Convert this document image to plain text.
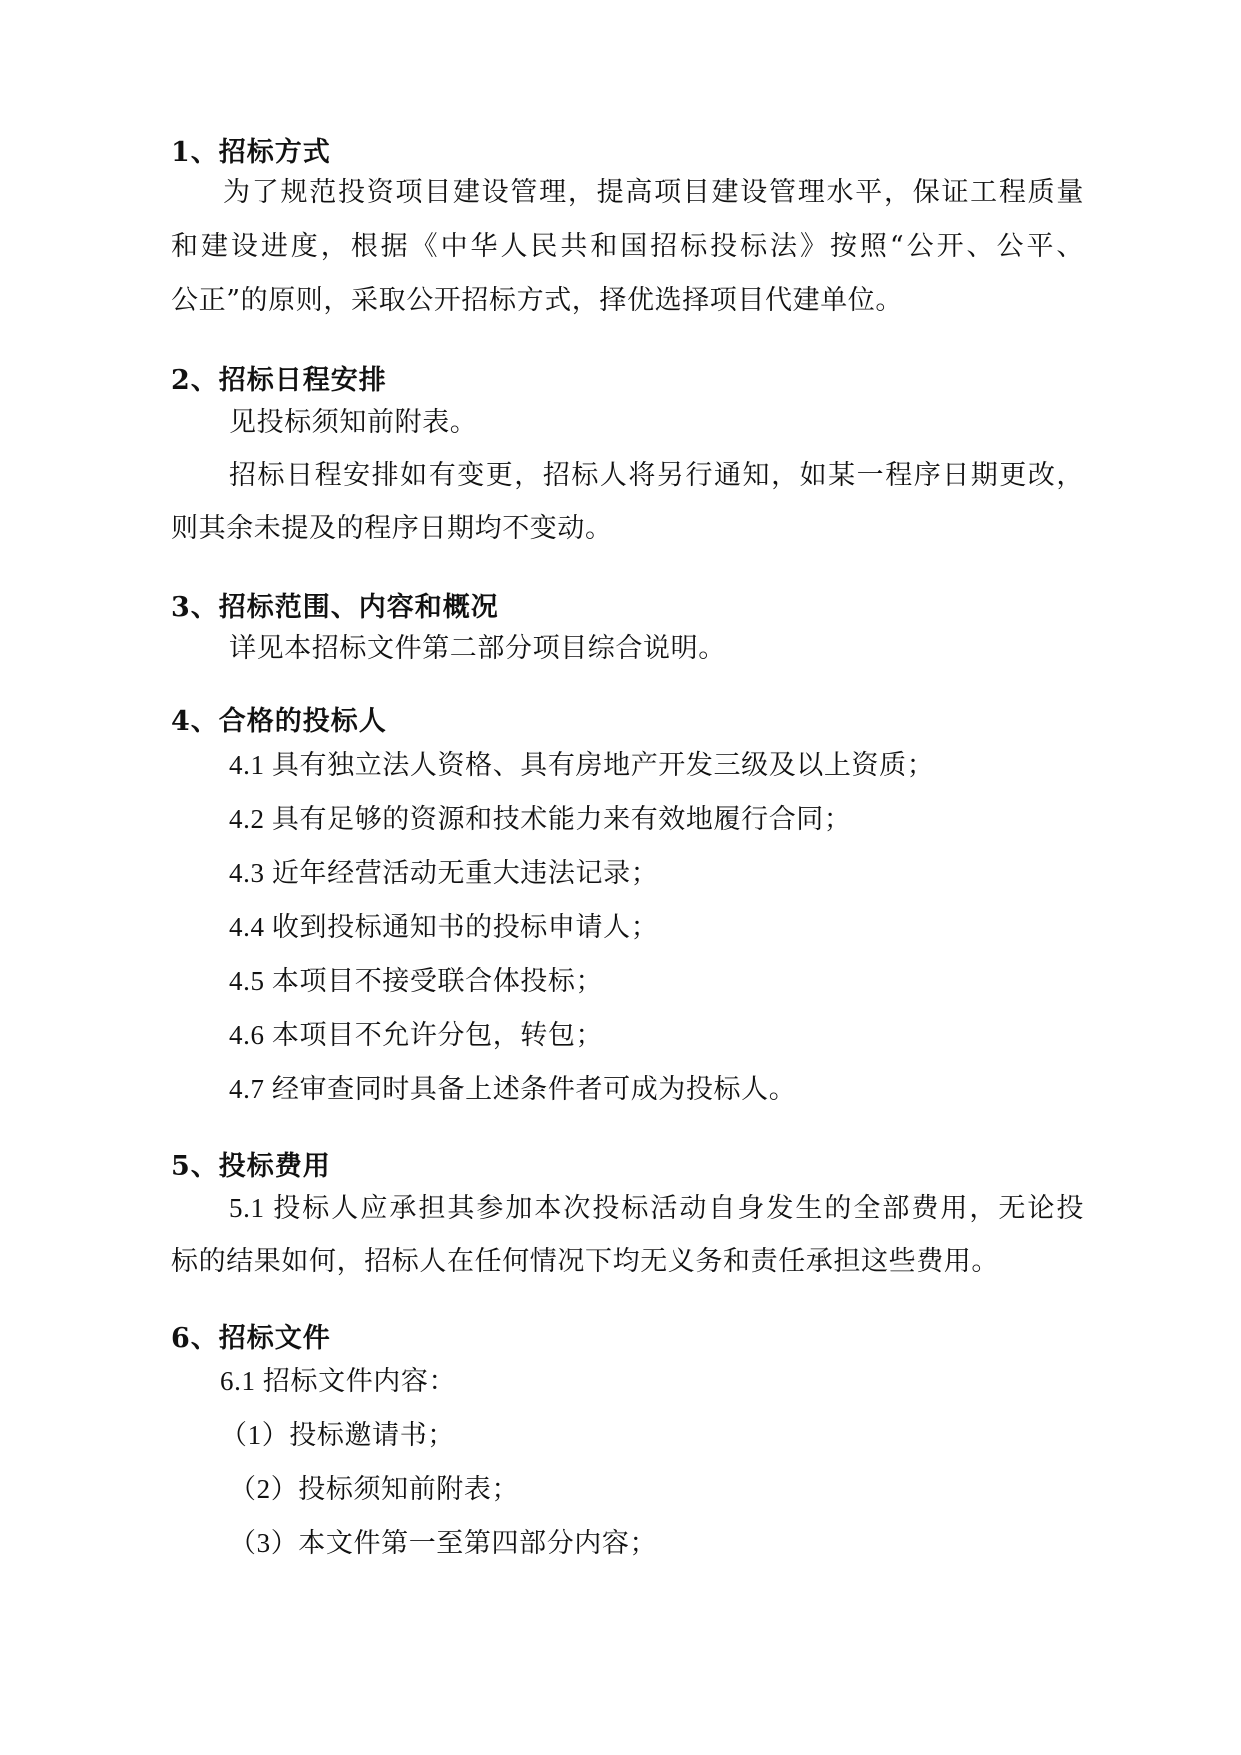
1、招标方式
为了规范投资项目建设管理，提高项目建设管理水平，保证工程质量
和建设进度，根据《中华人民共和国招标投标法》按照“公开、公平、
公正”的原则，采取公开招标方式，择优选择项目代建单位。
2、招标日程安排
见投标须知前附表。
招标日程安排如有变更，招标人将另行通知，如某一程序日期更改，
则其余未提及的程序日期均不变动。
3、招标范围、内容和概况
详见本招标文件第二部分项目综合说明。
4、合格的投标人
4.1 具有独立法人资格、具有房地产开发三级及以上资质；
4.2 具有足够的资源和技术能力来有效地履行合同；
4.3 近年经营活动无重大违法记录；
4.4 收到投标通知书的投标申请人；
4.5 本项目不接受联合体投标；
4.6 本项目不允许分包，转包；
4.7 经审查同时具备上述条件者可成为投标人。
5、投标费用
5.1 投标人应承担其参加本次投标活动自身发生的全部费用，无论投
标的结果如何，招标人在任何情况下均无义务和责任承担这些费用。
6、招标文件
6.1 招标文件内容：
（1）投标邀请书；
（2）投标须知前附表；
（3）本文件第一至第四部分内容；
